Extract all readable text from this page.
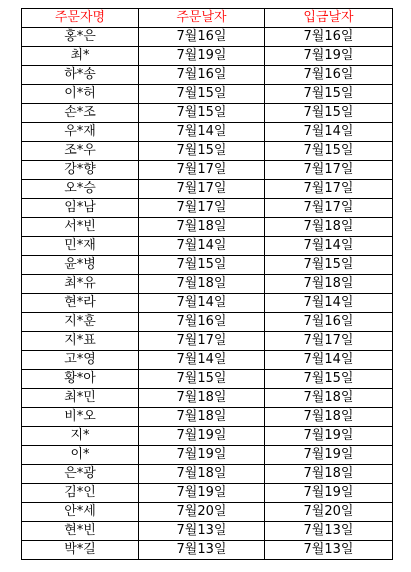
주문자명	주문날자	입금날자
홍*은	7월16일	7월16일
최*	7월19일	7월19일
하*송	7월16일	7월16일
이*허	7월15일	7월15일
손*조	7월15일	7월15일
우*재	7월14일	7월14일
조*우	7월15일	7월15일
강*향	7월17일	7월17일
오*승	7월17일	7월17일
임*남	7월17일	7월17일
서*빈	7월18일	7월18일
민*재	7월14일	7월14일
윤*병	7월15일	7월15일
최*유	7월18일	7월18일
현*라	7월14일	7월14일
지*훈	7월16일	7월16일
지*표	7월17일	7월17일
고*영	7월14일	7월14일
황*아	7월15일	7월15일
최*민	7월18일	7월18일
비*오	7월18일	7월18일
지*	7월19일	7월19일
이*	7월19일	7월19일
은*광	7월18일	7월18일
김*인	7월19일	7월19일
안*세	7월20일	7월20일
현*빈	7월13일	7월13일
박*길	7월13일	7월13일
